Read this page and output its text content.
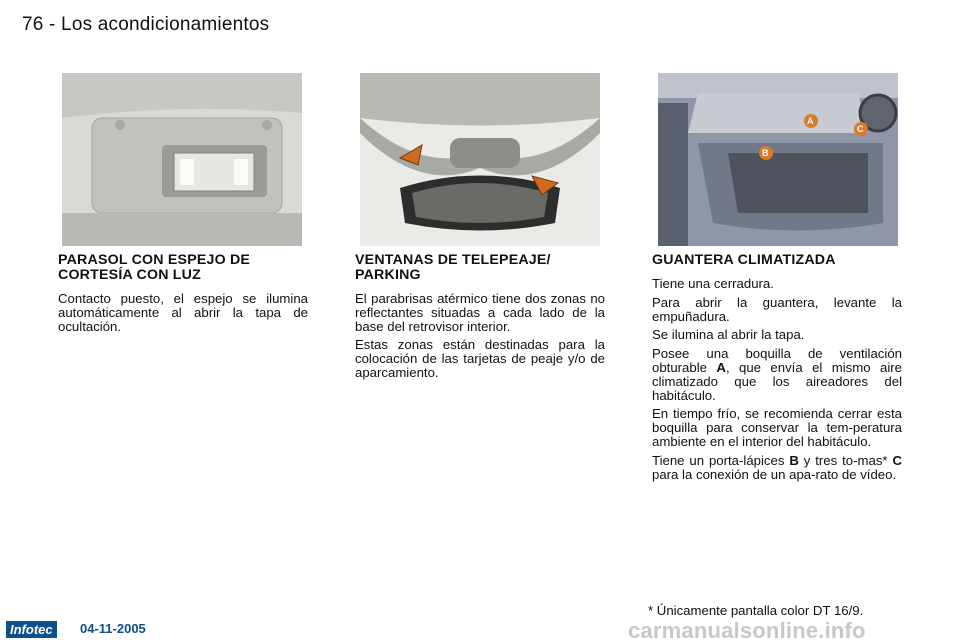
76 - Los acondicionamientos
A
C
B
PARASOL CON ESPEJO DE
CORTESÍA CON LUZ

Contacto puesto, el espejo se ilumina automáticamente al abrir la tapa de ocultación.

VENTANAS DE TELEPEAJE/
PARKING

El parabrisas atérmico tiene dos zonas no reflectantes situadas a cada lado de la base del retrovisor interior.

Estas zonas están destinadas para la colocación de las tarjetas de peaje y/o de aparcamiento.

GUANTERA CLIMATIZADA

Tiene una cerradura.

Para abrir la guantera, levante la empuñadura.

Se ilumina al abrir la tapa.

Posee una boquilla de ventilación obturable A, que envía el mismo aire climatizado que los aireadores del habitáculo.

En tiempo frío, se recomienda cerrar esta boquilla para conservar la tem-peratura ambiente en el interior del habitáculo.

Tiene un porta-lápices B y tres to-mas* C para la conexión de un apa-rato de vídeo.

* Únicamente pantalla color DT 16/9.
Infotec	04-11-2005	carmanualsonline.info
